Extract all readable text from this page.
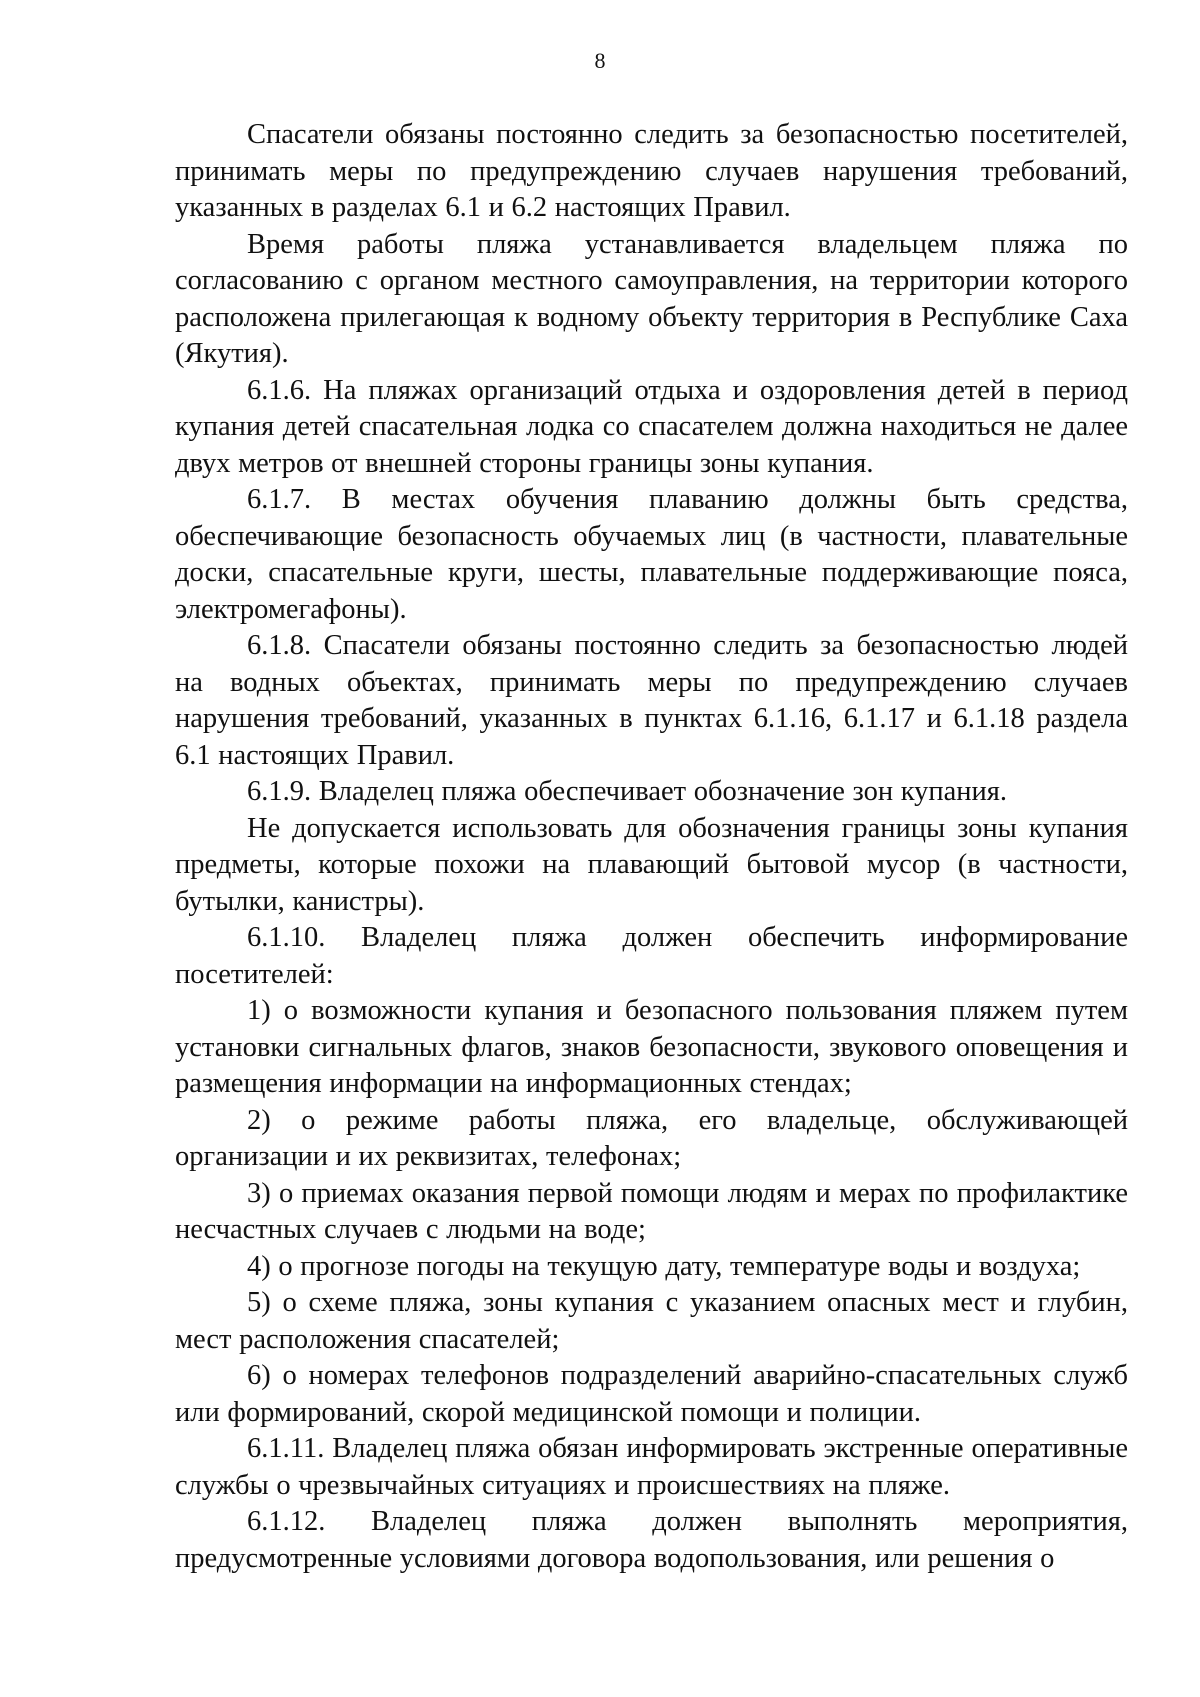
8

Спасатели обязаны постоянно следить за безопасностью посетителей, принимать меры по предупреждению случаев нарушения требований, указанных в разделах 6.1 и 6.2 настоящих Правил.

Время работы пляжа устанавливается владельцем пляжа по согласованию с органом местного самоуправления, на территории которого расположена прилегающая к водному объекту территория в Республике Саха (Якутия).

6.1.6. На пляжах организаций отдыха и оздоровления детей в период купания детей спасательная лодка со спасателем должна находиться не далее двух метров от внешней стороны границы зоны купания.

6.1.7. В местах обучения плаванию должны быть средства, обеспечивающие безопасность обучаемых лиц (в частности, плавательные доски, спасательные круги, шесты, плавательные поддерживающие пояса, электромегафоны).

6.1.8. Спасатели обязаны постоянно следить за безопасностью людей на водных объектах, принимать меры по предупреждению случаев нарушения требований, указанных в пунктах 6.1.16, 6.1.17 и 6.1.18 раздела 6.1 настоящих Правил.

6.1.9. Владелец пляжа обеспечивает обозначение зон купания.

Не допускается использовать для обозначения границы зоны купания предметы, которые похожи на плавающий бытовой мусор (в частности, бутылки, канистры).

6.1.10. Владелец пляжа должен обеспечить информирование посетителей:

1) о возможности купания и безопасного пользования пляжем путем установки сигнальных флагов, знаков безопасности, звукового оповещения и размещения информации на информационных стендах;

2) о режиме работы пляжа, его владельце, обслуживающей организации и их реквизитах, телефонах;

3) о приемах оказания первой помощи людям и мерах по профилактике несчастных случаев с людьми на воде;

4) о прогнозе погоды на текущую дату, температуре воды и воздуха;

5) о схеме пляжа, зоны купания с указанием опасных мест и глубин, мест расположения спасателей;

6) о номерах телефонов подразделений аварийно-спасательных служб или формирований, скорой медицинской помощи и полиции.

6.1.11. Владелец пляжа обязан информировать экстренные оперативные службы о чрезвычайных ситуациях и происшествиях на пляже.

6.1.12. Владелец пляжа должен выполнять мероприятия, предусмотренные условиями договора водопользования, или решения о
